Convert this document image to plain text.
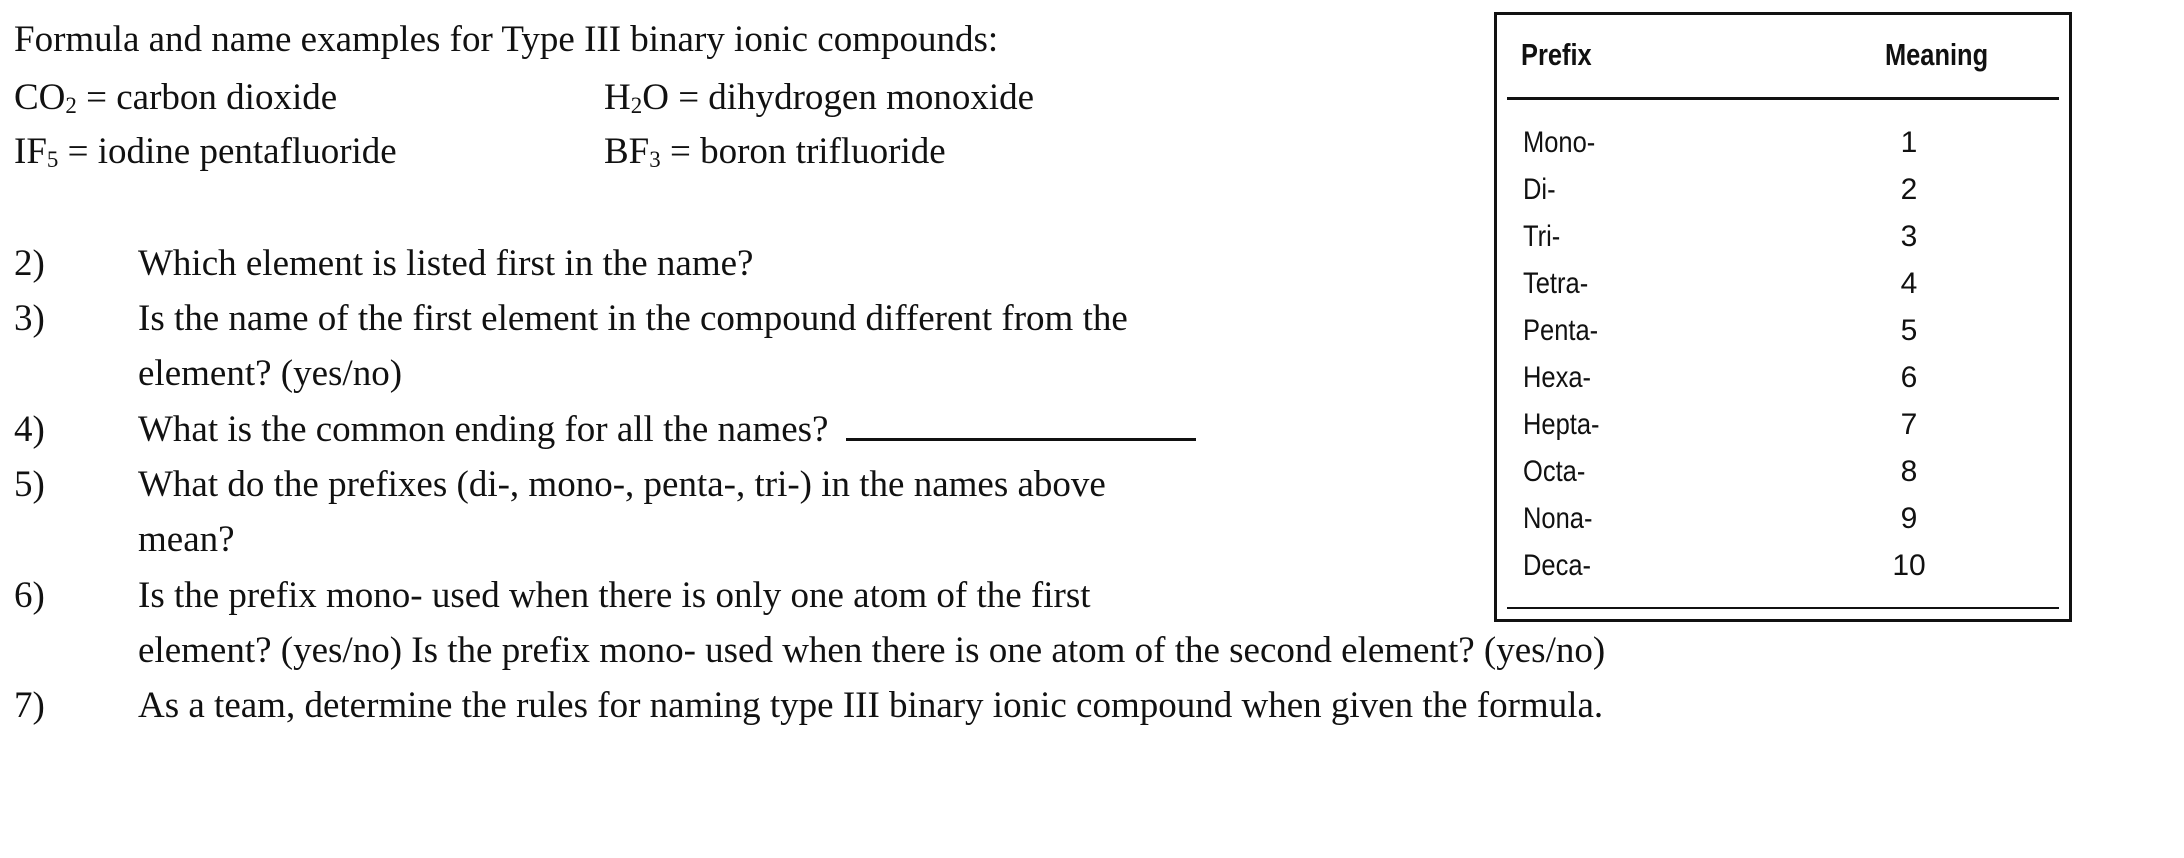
Formula and name examples for Type III binary ionic compounds:
$CO_2$ = carbon dioxide	$H_2O$ = dihydrogen monoxide
$IF_5$ = iodine pentafluoride	$BF_3$ = boron trifluoride
2)	Which element is listed first in the name?
3)	Is the name of the first element in the compound different from the
element? (yes/no)
4)	What is the common ending for all the names?
5)	What do the prefixes (di-, mono-, penta-, tri-) in the names above
mean?
6)	Is the prefix mono- used when there is only one atom of the first
element? (yes/no) Is the prefix mono- used when there is one atom of the second element? (yes/no)
7)	As a team, determine the rules for naming type III binary ionic compound when given the formula.
Prefix	Meaning
Mono-	1
Di-	2
Tri-	3
Tetra-	4
Penta-	5
Hexa-	6
Hepta-	7
Octa-	8
Nona-	9
Deca-	10
